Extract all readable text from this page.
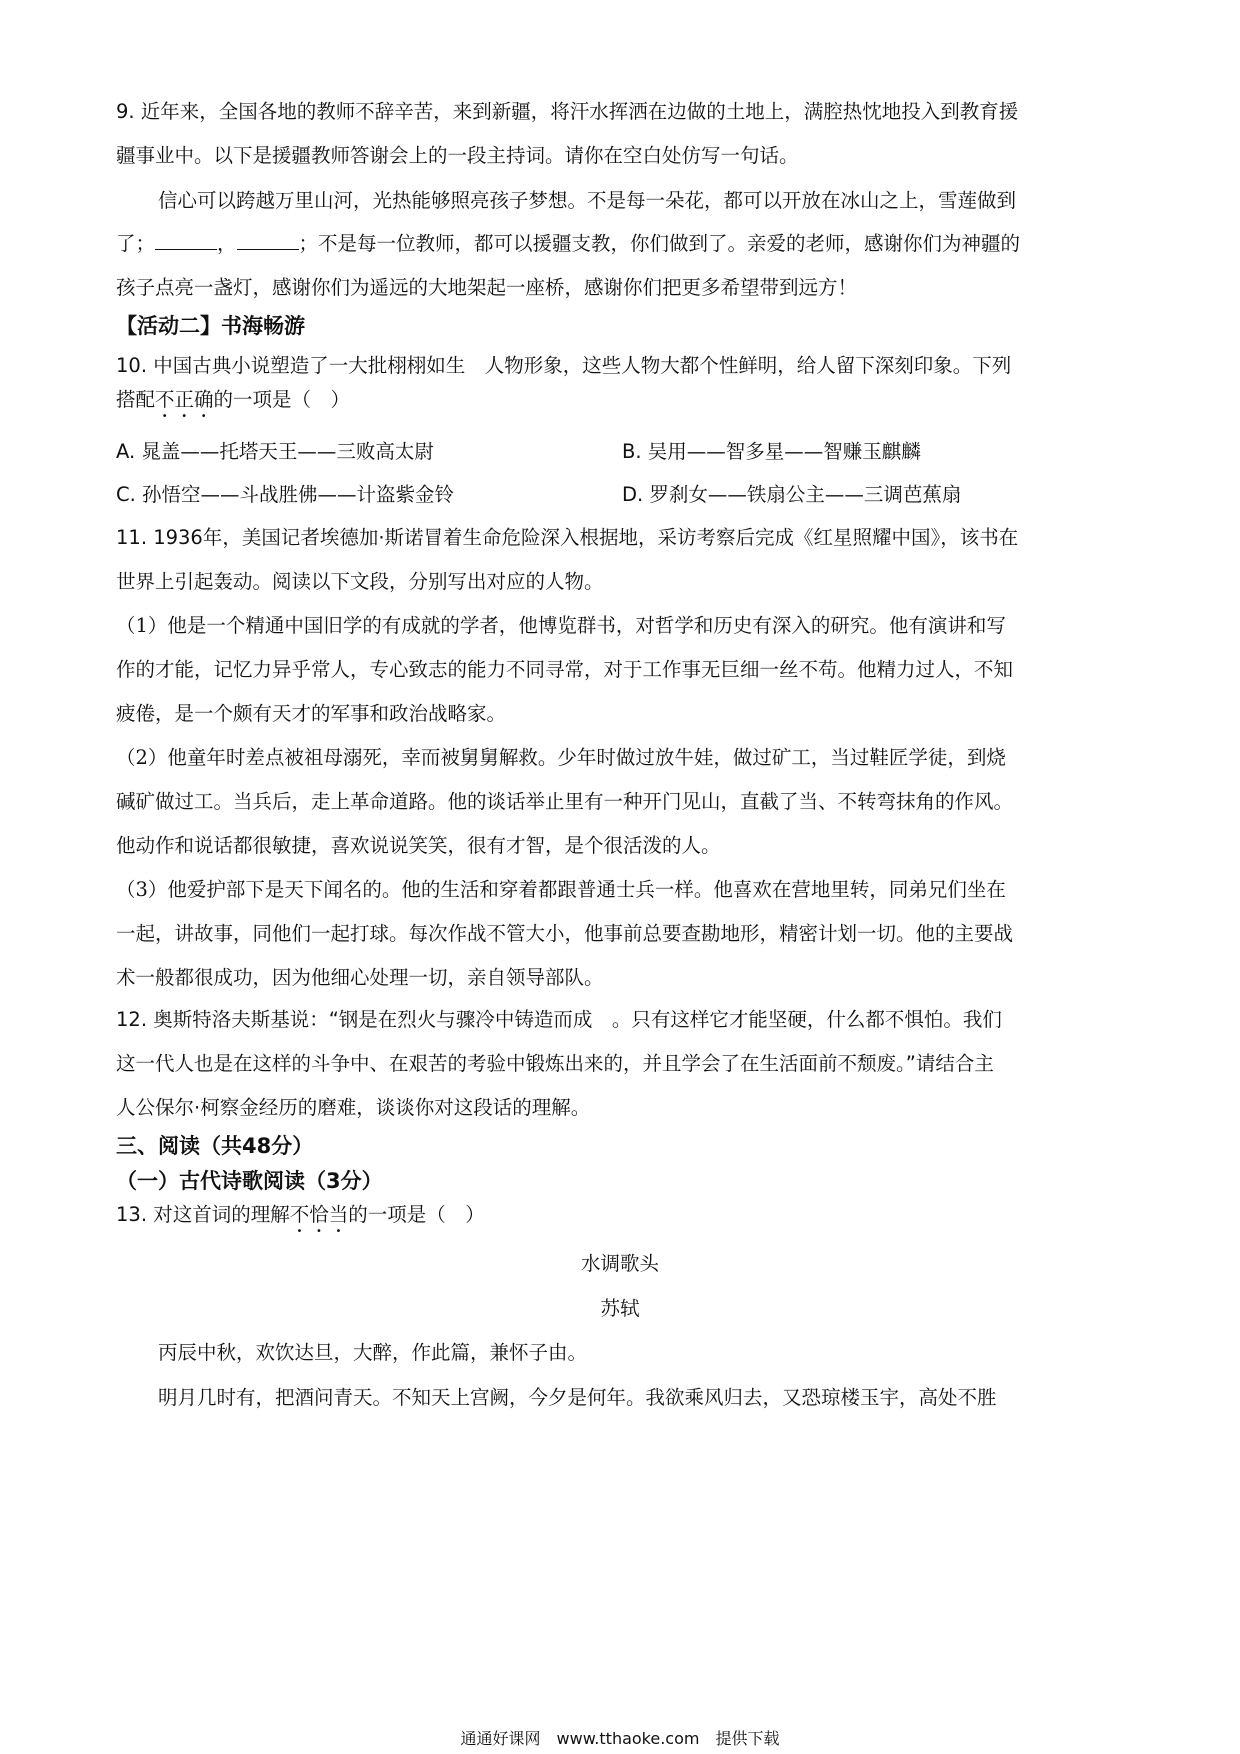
9. 近年来，全国各地的教师不辞辛苦，来到新疆，将汗水挥洒在边做的土地上，满腔热忱地投入到教育援
疆事业中。以下是援疆教师答谢会上的一段主持词。请你在空白处仿写一句话。
信心可以跨越万里山河，光热能够照亮孩子梦想。不是每一朵花，都可以开放在冰山之上，雪莲做到
了；	，	；不是每一位教师，都可以援疆支教，你们做到了。亲爱的老师，感谢你们为神疆的
孩子点亮一盏灯，感谢你们为遥远的大地架起一座桥，感谢你们把更多希望带到远方！
【活动二】书海畅游
10. 中国古典小说塑造了一大批栩栩如生　人物形象，这些人物大都个性鲜明，给人留下深刻印象。下列
搭配不正确的一项是（　）
A. 晁盖——托塔天王——三败高太尉	B. 吴用——智多星——智赚玉麒麟
C. 孙悟空——斗战胜佛——计盗紫金铃	D. 罗刹女——铁扇公主——三调芭蕉扇
11. 1936年，美国记者埃德加·斯诺冒着生命危险深入根据地，采访考察后完成《红星照耀中国》，该书在
世界上引起轰动。阅读以下文段，分别写出对应的人物。
（1）他是一个精通中国旧学的有成就的学者，他博览群书，对哲学和历史有深入的研究。他有演讲和写
作的才能，记忆力异乎常人，专心致志的能力不同寻常，对于工作事无巨细一丝不苟。他精力过人，不知
疲倦，是一个颇有天才的军事和政治战略家。
（2）他童年时差点被祖母溺死，幸而被舅舅解救。少年时做过放牛娃，做过矿工，当过鞋匠学徒，到烧
碱矿做过工。当兵后，走上革命道路。他的谈话举止里有一种开门见山，直截了当、不转弯抹角的作风。
他动作和说话都很敏捷，喜欢说说笑笑，很有才智，是个很活泼的人。
（3）他爱护部下是天下闻名的。他的生活和穿着都跟普通士兵一样。他喜欢在营地里转，同弟兄们坐在
一起，讲故事，同他们一起打球。每次作战不管大小，他事前总要查勘地形，精密计划一切。他的主要战
术一般都很成功，因为他细心处理一切，亲自领导部队。
12. 奥斯特洛夫斯基说：“钢是在烈火与骤冷中铸造而成　。只有这样它才能坚硬，什么都不惧怕。我们
这一代人也是在这样的斗争中、在艰苦的考验中锻炼出来的，并且学会了在生活面前不颓废。”请结合主
人公保尔·柯察金经历的磨难，谈谈你对这段话的理解。
三、阅读（共48分）
（一）古代诗歌阅读（3分）
13. 对这首词的理解不恰当的一项是（　）
水调歌头
苏轼
丙辰中秋，欢饮达旦，大醉，作此篇，兼怀子由。
明月几时有，把酒问青天。不知天上宫阙，今夕是何年。我欲乘风归去，又恐琼楼玉宇，高处不胜
通通好课网　www.tthaoke.com　提供下载
